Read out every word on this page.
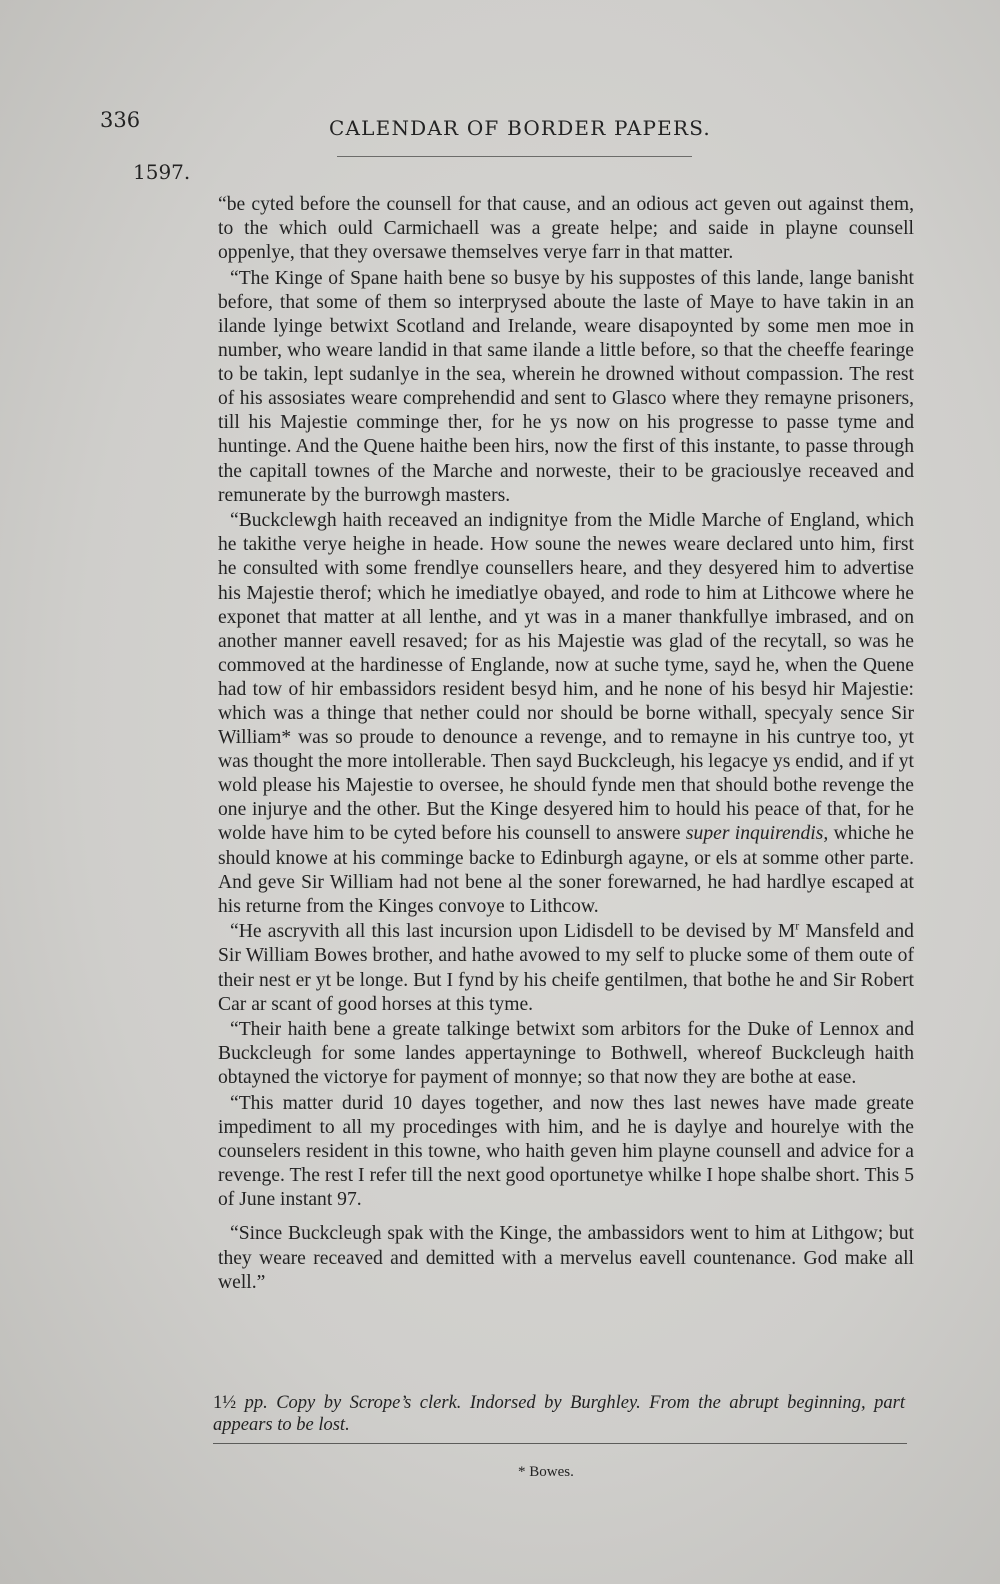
336	CALENDAR OF BORDER PAPERS.
1597.

“be cyted before the counsell for that cause, and an odious act geven out against them, to the which ould Carmichaell was a greate helpe; and saide in playne counsell oppenlye, that they oversawe themselves verye farr in that matter.

“The Kinge of Spane haith bene so busye by his suppostes of this lande, lange banisht before, that some of them so interprysed aboute the laste of Maye to have takin in an ilande lyinge betwixt Scotland and Irelande, weare disapoynted by some men moe in number, who weare landid in that same ilande a little before, so that the cheeffe fearinge to be takin, lept sudanlye in the sea, wherein he drowned without compassion. The rest of his assosiates weare comprehendid and sent to Glasco where they remayne prisoners, till his Majestie comminge ther, for he ys now on his progresse to passe tyme and huntinge. And the Quene haithe been hirs, now the first of this instante, to passe through the capitall townes of the Marche and norweste, their to be graciouslye receaved and remunerate by the burrowgh masters.

“Buckclewgh haith receaved an indignitye from the Midle Marche of England, which he takithe verye heighe in heade. How soune the newes weare declared unto him, first he consulted with some frendlye counsellers heare, and they desyered him to advertise his Majestie therof; which he imediatlye obayed, and rode to him at Lithcowe where he exponet that matter at all lenthe, and yt was in a maner thankfullye imbrased, and on another manner eavell resaved; for as his Majestie was glad of the recytall, so was he commoved at the hardinesse of Englande, now at suche tyme, sayd he, when the Quene had tow of hir embassidors resident besyd him, and he none of his besyd hir Majestie: which was a thinge that nether could nor should be borne withall, specyaly sence Sir William* was so proude to denounce a revenge, and to remayne in his cuntrye too, yt was thought the more intollerable. Then sayd Buckcleugh, his legacye ys endid, and if yt wold please his Majestie to oversee, he should fynde men that should bothe revenge the one injurye and the other. But the Kinge desyered him to hould his peace of that, for he wolde have him to be cyted before his counsell to answere super inquirendis, whiche he should knowe at his comminge backe to Edinburgh agayne, or els at somme other parte. And geve Sir William had not bene al the soner forewarned, he had hardlye escaped at his returne from the Kinges convoye to Lithcow.

“He ascryvith all this last incursion upon Lidisdell to be devised by $M^r$ Mansfeld and Sir William Bowes brother, and hathe avowed to my self to plucke some of them oute of their nest er yt be longe. But I fynd by his cheife gentilmen, that bothe he and Sir Robert Car ar scant of good horses at this tyme.

“Their haith bene a greate talkinge betwixt som arbitors for the Duke of Lennox and Buckcleugh for some landes appertayninge to Bothwell, whereof Buckcleugh haith obtayned the victorye for payment of monnye; so that now they are bothe at ease.

“This matter durid 10 dayes together, and now thes last newes have made greate impediment to all my procedinges with him, and he is daylye and hourelye with the counselers resident in this towne, who haith geven him playne counsell and advice for a revenge. The rest I refer till the next good oportunetye whilke I hope shalbe short. This 5 of June instant 97.

“Since Buckcleugh spak with the Kinge, the ambassidors went to him at Lithgow; but they weare receaved and demitted with a mervelus eavell countenance. God make all well.”

1½ pp. Copy by Scrope’s clerk. Indorsed by Burghley. From the abrupt beginning, part appears to be lost.
* Bowes.
